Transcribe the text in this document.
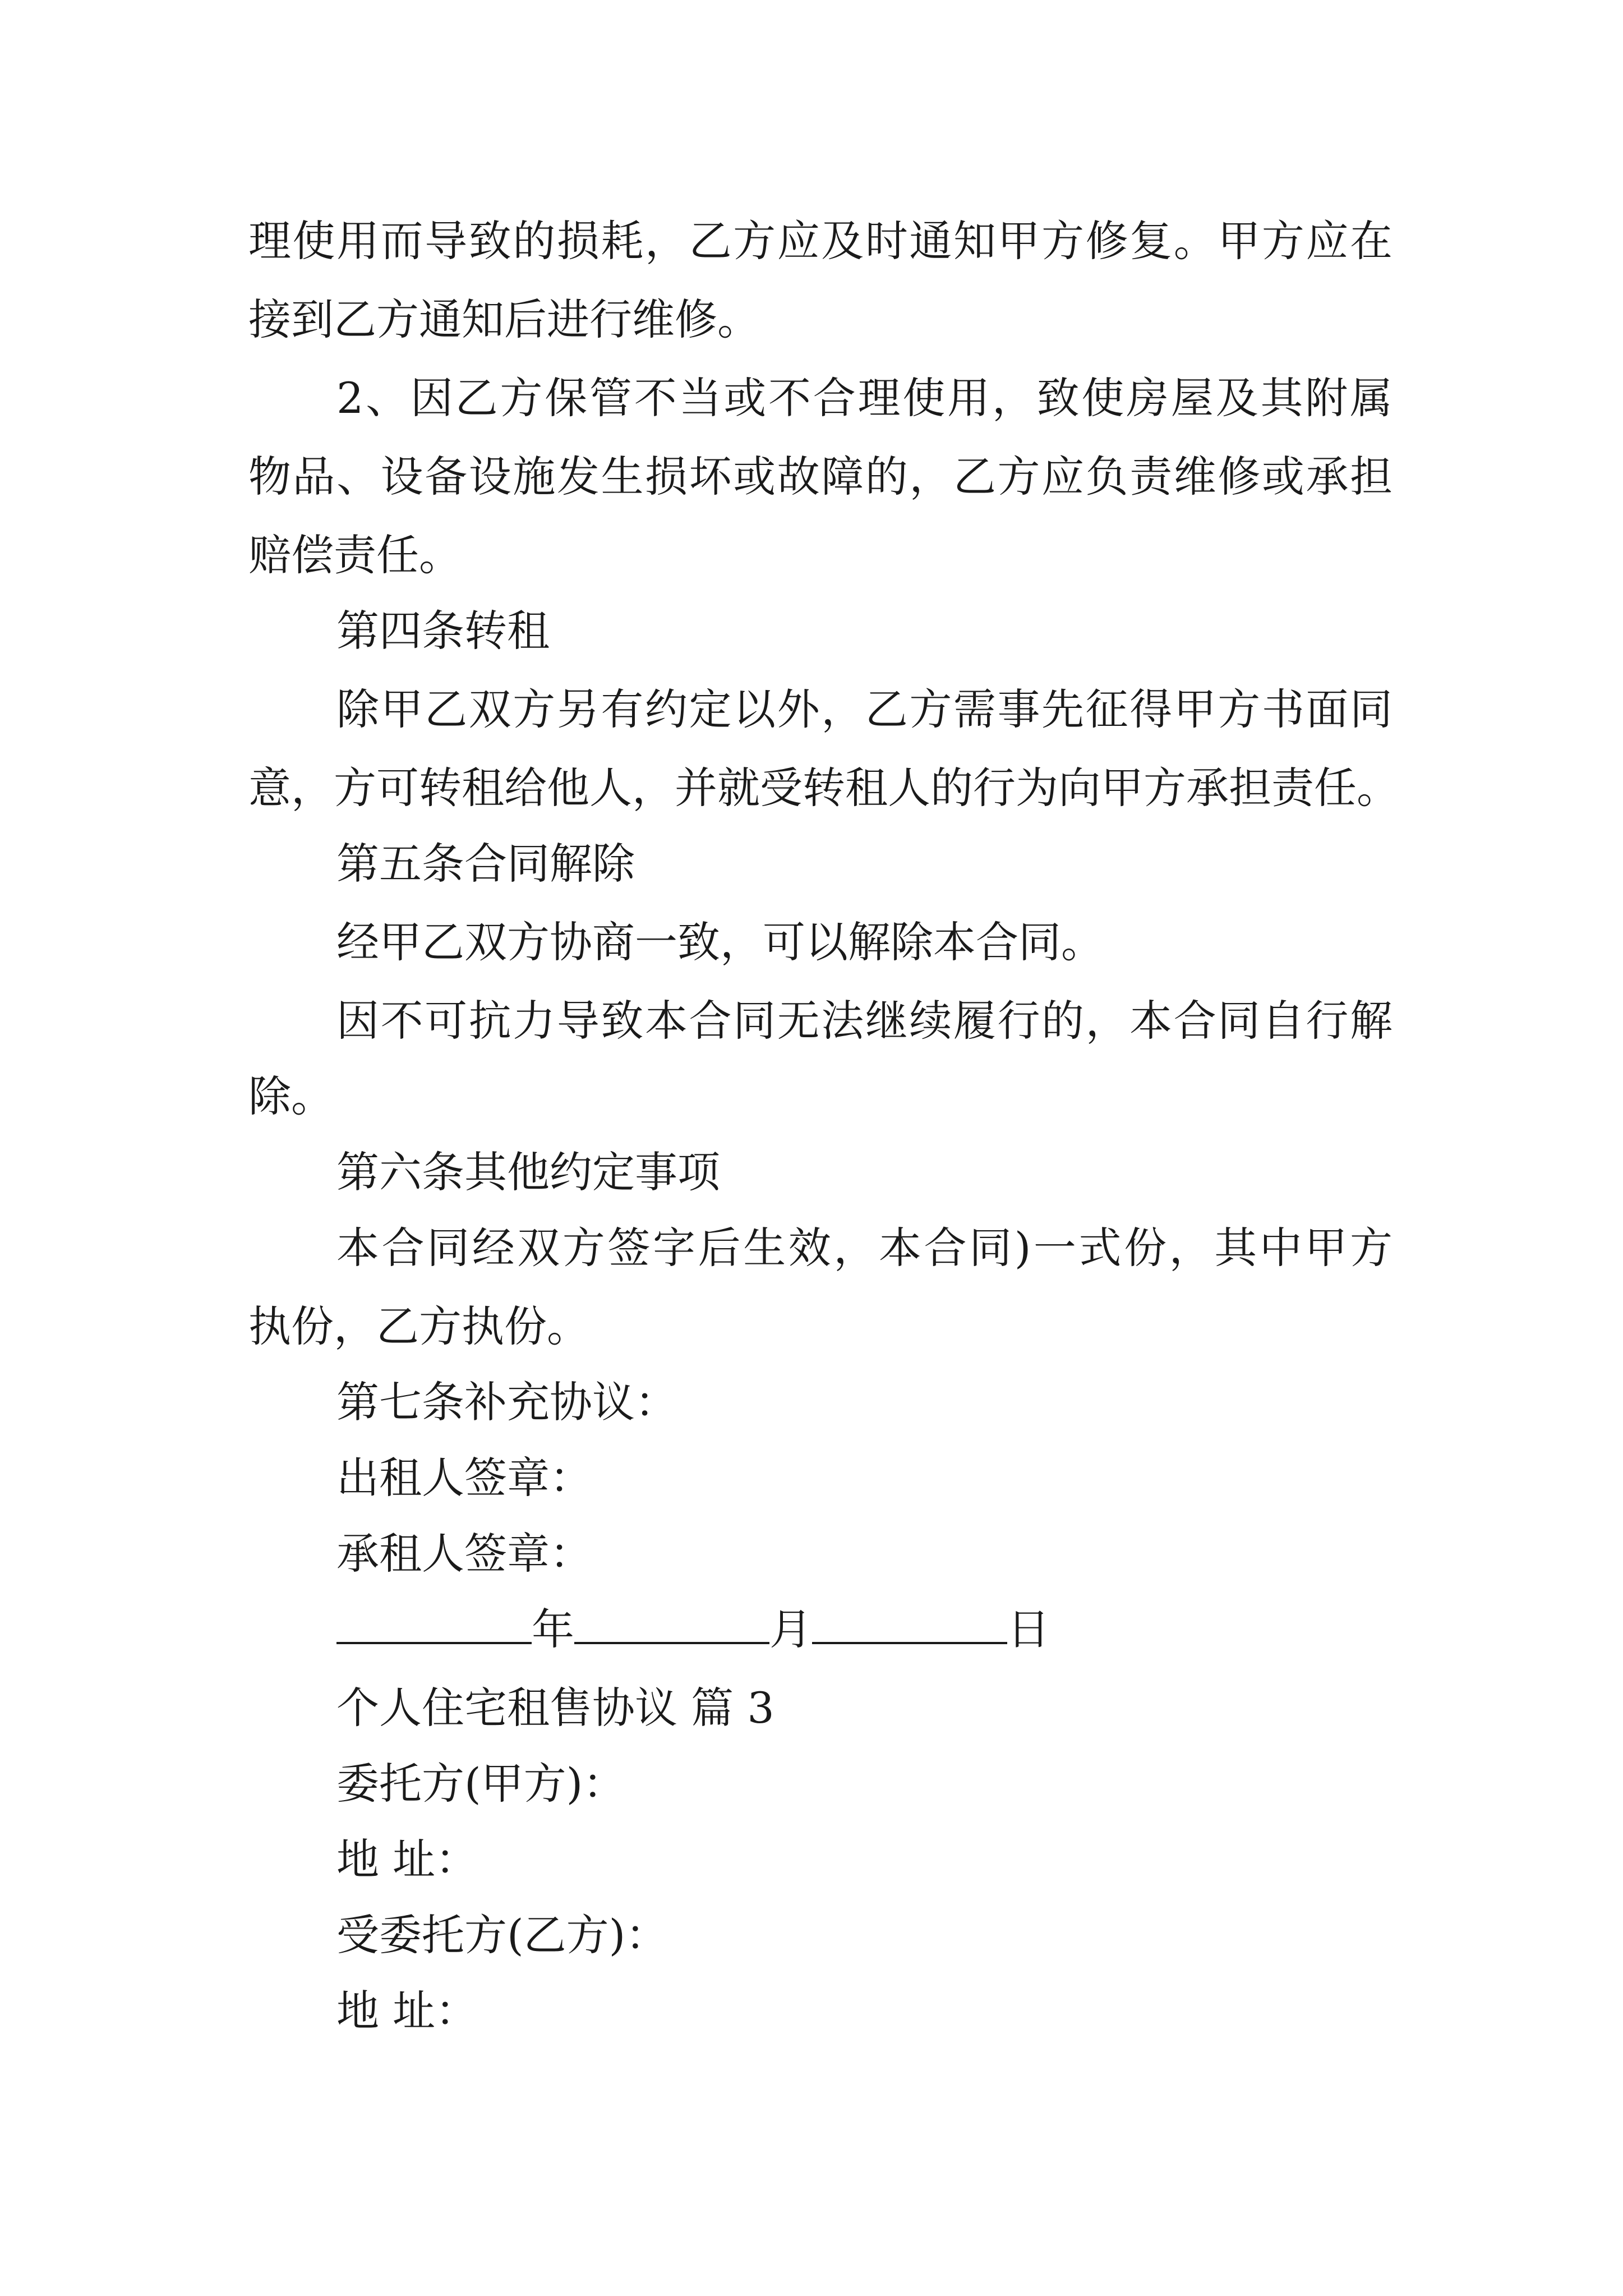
理使用而导致的损耗，乙方应及时通知甲方修复。甲方应在
接到乙方通知后进行维修。
2、因乙方保管不当或不合理使用，致使房屋及其附属
物品、设备设施发生损坏或故障的，乙方应负责维修或承担
赔偿责任。
第四条转租
除甲乙双方另有约定以外，乙方需事先征得甲方书面同
意，方可转租给他人，并就受转租人的行为向甲方承担责任。
第五条合同解除
经甲乙双方协商一致，可以解除本合同。
因不可抗力导致本合同无法继续履行的，本合同自行解
除。
第六条其他约定事项
本合同经双方签字后生效，本合同)一式份，其中甲方
执份，乙方执份。
第七条补充协议：
出租人签章：
承租人签章：
年	月	日
个人住宅租售协议 篇 3
委托方(甲方)：
地 址：
受委托方(乙方)：
地 址：
